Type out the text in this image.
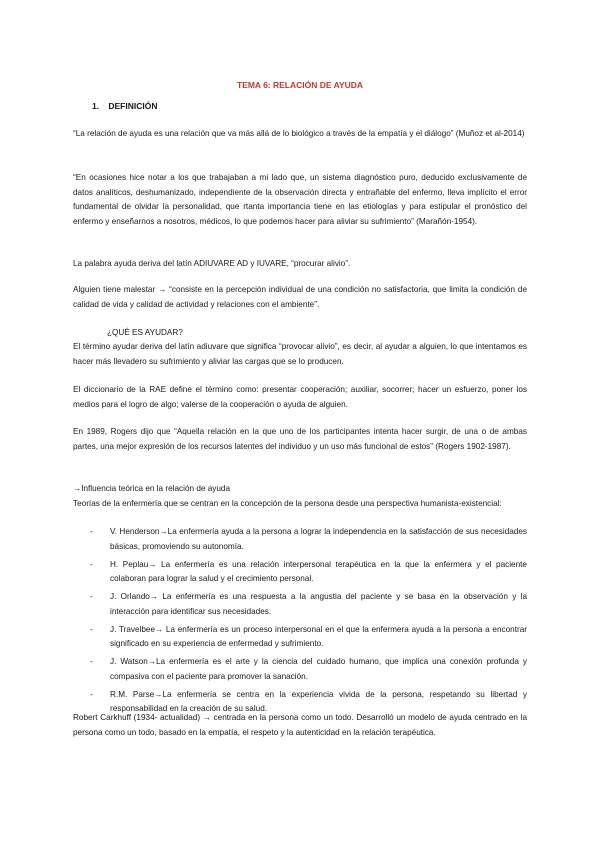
TEMA 6: RELACIÓN DE AYUDA
1. DEFINICIÓN

“La relación de ayuda es una relación que va más allá de lo biológico a través de la empatía y el diálogo” (Muñoz et al-2014)

“En ocasiones hice notar a los que trabajaban a mi lado que, un sistema diagnóstico puro, deducido exclusivamente de datos analíticos, deshumanizado, independiente de la observación directa y entrañable del enfermo, lleva implícito el error fundamental de olvidar la personalidad, que rtanta importancia tiene en las etiologías y para estipular el pronóstico del enfermo y enseñarnos a nosotros, médicos, lo que podemos hacer para aliviar su sufrimiento” (Marañón-1954).

La palabra ayuda deriva del latín ADIUVARE AD y IUVARE, “procurar alivio”.

Alguien tiene malestar → “consiste en la percepción individual de una condición no satisfactoria, que limita la condición de calidad de vida y calidad de actividad y relaciones con el ambiente”.

¿QUÉ ES AYUDAR?

El término ayudar deriva del latín adiuvare que significa “provocar alivio”, es decir, al ayudar a alguien, lo que intentamos es hacer más llevadero su sufrimiento y aliviar las cargas que se lo producen.

El diccionario de la RAE define el término como: presentar cooperación; auxiliar, socorrer; hacer un esfuerzo, poner los medios para el logro de algo; valerse de la cooperación o ayuda de alguien.

En 1989, Rogers dijo que “Aquella relación en la que uno de los participantes intenta hacer surgir, de una o de ambas partes, una mejor expresión de los recursos latentes del individuo y un uso más funcional de estos” (Rogers 1902-1987).

→Influencia teórica en la relación de ayuda

Teorías de la enfermería que se centran en la concepción de la persona desde una perspectiva humanista-existencial:

- V. Henderson→La enfermería ayuda a la persona a lograr la independencia en la satisfacción de sus necesidades básicas, promoviendo su autonomía.
- H. Peplau→ La enfermería es una relación interpersonal terapéutica en la que la enfermera y el paciente colaboran para lograr la salud y el crecimiento personal.
- J. Orlando→ La enfermería es una respuesta a la angustia del paciente y se basa en la observación y la interacción para identificar sus necesidades.
- J. Travelbee→ La enfermería es un proceso interpersonal en el que la enfermera ayuda a la persona a encontrar significado en su experiencia de enfermedad y sufrimiento.
- J. Watson→La enfermería es el arte y la ciencia del cuidado humano, que implica una conexión profunda y compasiva con el paciente para promover la sanación.
- R.M. Parse→La enfermería se centra en la experiencia vivida de la persona, respetando su libertad y responsabilidad en la creación de su salud.

Robert Carkhuff (1934- actualidad) → centrada en la persona como un todo. Desarrolló un modelo de ayuda centrado en la persona como un todo, basado en la empatía, el respeto y la autenticidad en la relación terapéutica.
